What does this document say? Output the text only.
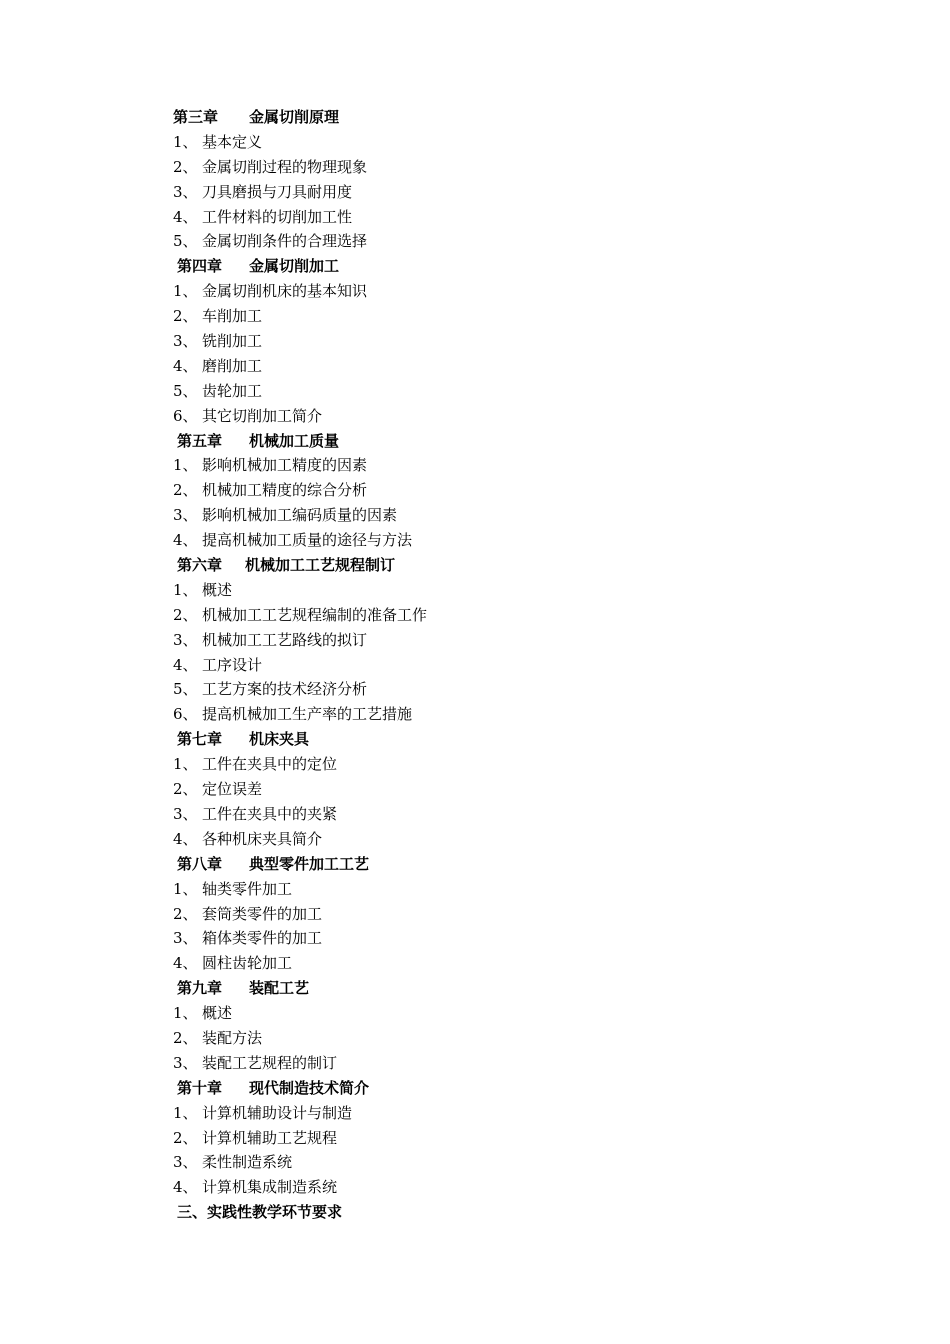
第三章 金属切削原理
1、 基本定义
2、 金属切削过程的物理现象
3、 刀具磨损与刀具耐用度
4、 工件材料的切削加工性
5、 金属切削条件的合理选择
第四章 金属切削加工
1、 金属切削机床的基本知识
2、 车削加工
3、 铣削加工
4、 磨削加工
5、 齿轮加工
6、 其它切削加工简介
第五章 机械加工质量
1、 影响机械加工精度的因素
2、 机械加工精度的综合分析
3、 影响机械加工编码质量的因素
4、 提高机械加工质量的途径与方法
第六章 机械加工工艺规程制订
1、 概述
2、 机械加工工艺规程编制的准备工作
3、 机械加工工艺路线的拟订
4、 工序设计
5、 工艺方案的技术经济分析
6、 提高机械加工生产率的工艺措施
第七章 机床夹具
1、 工件在夹具中的定位
2、 定位误差
3、 工件在夹具中的夹紧
4、 各种机床夹具简介
第八章 典型零件加工工艺
1、 轴类零件加工
2、 套筒类零件的加工
3、 箱体类零件的加工
4、 圆柱齿轮加工
第九章 装配工艺
1、 概述
2、 装配方法
3、 装配工艺规程的制订
第十章 现代制造技术简介
1、 计算机辅助设计与制造
2、 计算机辅助工艺规程
3、 柔性制造系统
4、 计算机集成制造系统
三、实践性教学环节要求
